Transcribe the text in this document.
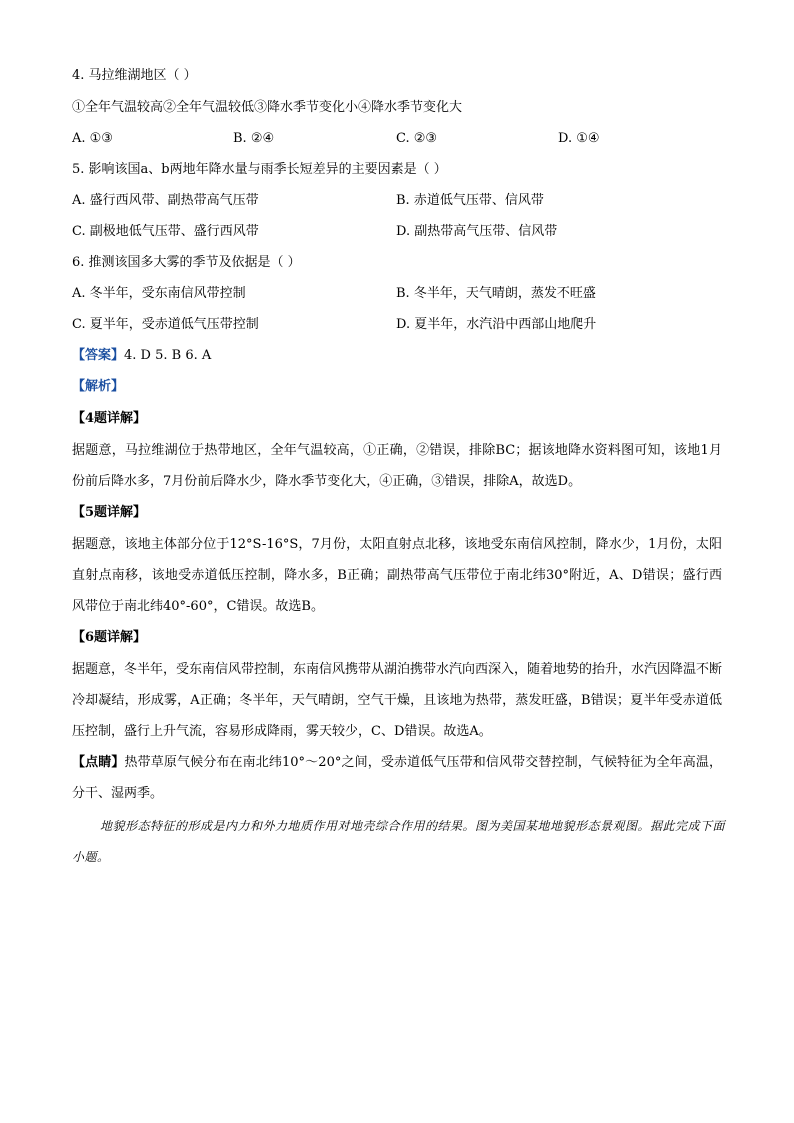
4. 马拉维湖地区（ ）
①全年气温较高②全年气温较低③降水季节变化小④降水季节变化大
A. ①③	B. ②④	C. ②③	D. ①④
5. 影响该国a、b两地年降水量与雨季长短差异的主要因素是（ ）
A. 盛行西风带、副热带高气压带	B. 赤道低气压带、信风带
C. 副极地低气压带、盛行西风带	D. 副热带高气压带、信风带
6. 推测该国多大雾的季节及依据是（ ）
A. 冬半年，受东南信风带控制	B. 冬半年，天气晴朗，蒸发不旺盛
C. 夏半年，受赤道低气压带控制	D. 夏半年，水汽沿中西部山地爬升
【答案】4. D 5. B 6. A
【解析】
【4题详解】
据题意，马拉维湖位于热带地区，全年气温较高，①正确，②错误，排除BC；据该地降水资料图可知，该地1月份前后降水多，7月份前后降水少，降水季节变化大，④正确，③错误，排除A，故选D。
【5题详解】
据题意，该地主体部分位于12°S-16°S，7月份，太阳直射点北移，该地受东南信风控制，降水少，1月份，太阳直射点南移，该地受赤道低压控制，降水多，B正确；副热带高气压带位于南北纬30°附近，A、D错误；盛行西风带位于南北纬40°-60°，C错误。故选B。
【6题详解】
据题意，冬半年，受东南信风带控制，东南信风携带从湖泊携带水汽向西深入，随着地势的抬升，水汽因降温不断冷却凝结，形成雾，A正确；冬半年，天气晴朗，空气干燥，且该地为热带，蒸发旺盛，B错误；夏半年受赤道低压控制，盛行上升气流，容易形成降雨，雾天较少，C、D错误。故选A。
【点睛】热带草原气候分布在南北纬10°～20°之间，受赤道低气压带和信风带交替控制，气候特征为全年高温，分干、湿两季。
地貌形态特征的形成是内力和外力地质作用对地壳综合作用的结果。图为美国某地地貌形态景观图。据此完成下面小题。
